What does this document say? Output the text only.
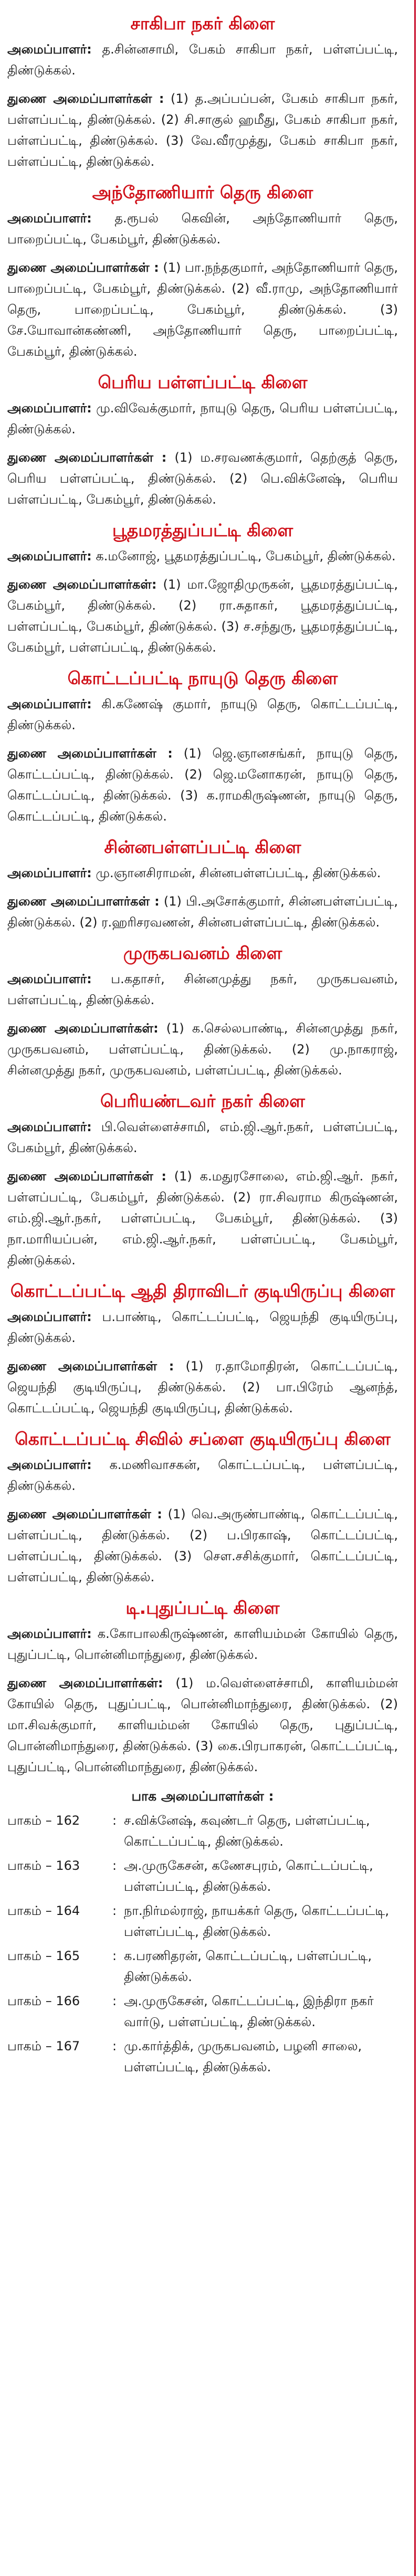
சாகிபா நகர் கிளை

அமைப்பாளர்: த.சின்னசாமி, பேகம் சாகிபா நகர், பள்ளப்பட்டி, திண்டுக்கல்.

துணை அமைப்பாளர்கள் : (1) த.அப்பப்பன், பேகம் சாகிபா நகர், பள்ளப்பட்டி, திண்டுக்கல். (2) சி.சாகுல் ஹமீது, பேகம் சாகிபா நகர், பள்ளப்பட்டி, திண்டுக்கல். (3) வே.வீரமுத்து, பேகம் சாகிபா நகர், பள்ளப்பட்டி, திண்டுக்கல்.

அந்தோணியார் தெரு கிளை

அமைப்பாளர்: த.ரூபல் கெவின், அந்தோணியார் தெரு, பாறைப்பட்டி, பேகம்பூர், திண்டுக்கல்.

துணை அமைப்பாளர்கள் : (1) பா.நந்தகுமார், அந்தோணியார் தெரு, பாறைப்பட்டி, பேகம்பூர், திண்டுக்கல். (2) வீ.ராமு, அந்தோணியார் தெரு, பாறைப்பட்டி, பேகம்பூர், திண்டுக்கல். (3) சே.யோவான்கண்ணி, அந்தோணியார் தெரு, பாறைப்பட்டி, பேகம்பூர், திண்டுக்கல்.

பெரிய பள்ளப்பட்டி கிளை

அமைப்பாளர்: மு.விவேக்குமார், நாயுடு தெரு, பெரிய பள்ளப்பட்டி, திண்டுக்கல்.

துணை அமைப்பாளர்கள் : (1) ம.சரவணக்குமார், தெற்குத் தெரு, பெரிய பள்ளப்பட்டி, திண்டுக்கல். (2) பெ.விக்னேஷ், பெரிய பள்ளப்பட்டி, பேகம்பூர், திண்டுக்கல்.

பூதமரத்துப்பட்டி கிளை

அமைப்பாளர்: க.மனோஜ், பூதமரத்துப்பட்டி, பேகம்பூர், திண்டுக்கல்.

துணை அமைப்பாளர்கள்: (1) மா.ஜோதிமுருகன், பூதமரத்துப்பட்டி, பேகம்பூர், திண்டுக்கல். (2) ரா.சுதாகர், பூதமரத்துப்பட்டி, பள்ளப்பட்டி, பேகம்பூர், திண்டுக்கல். (3) ச.சந்துரு, பூதமரத்துப்பட்டி, பேகம்பூர், பள்ளப்பட்டி, திண்டுக்கல்.

கொட்டப்பட்டி நாயுடு தெரு கிளை

அமைப்பாளர்: கி.கணேஷ் குமார், நாயுடு தெரு, கொட்டப்பட்டி, திண்டுக்கல்.

துணை அமைப்பாளர்கள் : (1) ஜெ.ஞானசங்கர், நாயுடு தெரு, கொட்டப்பட்டி, திண்டுக்கல். (2) ஜெ.மனோகரன், நாயுடு தெரு, கொட்டப்பட்டி, திண்டுக்கல். (3) க.ராமகிருஷ்ணன், நாயுடு தெரு, கொட்டப்பட்டி, திண்டுக்கல்.

சின்னபள்ளப்பட்டி கிளை

அமைப்பாளர்: மு.ஞானசிராமன், சின்னபள்ளப்பட்டி, திண்டுக்கல்.

துணை அமைப்பாளர்கள் : (1) பி.அசோக்குமார், சின்னபள்ளப்பட்டி, திண்டுக்கல். (2) ர.ஹரிசரவணன், சின்னபள்ளப்பட்டி, திண்டுக்கல்.

முருகபவனம் கிளை

அமைப்பாளர்: ப.கதாசர், சின்னமுத்து நகர், முருகபவனம், பள்ளப்பட்டி, திண்டுக்கல்.

துணை அமைப்பாளர்கள்: (1) க.செல்லபாண்டி, சின்னமுத்து நகர், முருகபவனம், பள்ளப்பட்டி, திண்டுக்கல். (2) மு.நாகராஜ், சின்னமுத்து நகர், முருகபவனம், பள்ளப்பட்டி, திண்டுக்கல்.

பெரியண்டவர் நகர் கிளை

அமைப்பாளர்: பி.வெள்ளைச்சாமி, எம்.ஜி.ஆர்.நகர், பள்ளப்பட்டி, பேகம்பூர், திண்டுக்கல்.

துணை அமைப்பாளர்கள் : (1) க.மதுரசோலை, எம்.ஜி.ஆர். நகர், பள்ளப்பட்டி, பேகம்பூர், திண்டுக்கல். (2) ரா.சிவராம கிருஷ்ணன், எம்.ஜி.ஆர்.நகர், பள்ளப்பட்டி, பேகம்பூர், திண்டுக்கல். (3) நா.மாரியப்பன், எம்.ஜி.ஆர்.நகர், பள்ளப்பட்டி, பேகம்பூர், திண்டுக்கல்.

கொட்டப்பட்டி ஆதி திராவிடர் குடியிருப்பு கிளை

அமைப்பாளர்: ப.பாண்டி, கொட்டப்பட்டி, ஜெயந்தி குடியிருப்பு, திண்டுக்கல்.

துணை அமைப்பாளர்கள் : (1) ர.தாமோதிரன், கொட்டப்பட்டி, ஜெயந்தி குடியிருப்பு, திண்டுக்கல். (2) பா.பிரேம் ஆனந்த், கொட்டப்பட்டி, ஜெயந்தி குடியிருப்பு, திண்டுக்கல்.

கொட்டப்பட்டி சிவில் சப்ளை குடியிருப்பு கிளை

அமைப்பாளர்: க.மணிவாசகன், கொட்டப்பட்டி, பள்ளப்பட்டி, திண்டுக்கல்.

துணை அமைப்பாளர்கள் : (1) வெ.அருண்பாண்டி, கொட்டப்பட்டி, பள்ளப்பட்டி, திண்டுக்கல். (2) ப.பிரகாஷ், கொட்டப்பட்டி, பள்ளப்பட்டி, திண்டுக்கல். (3) செள.சசிக்குமார், கொட்டப்பட்டி, பள்ளப்பட்டி, திண்டுக்கல்.

டி.புதுப்பட்டி கிளை

அமைப்பாளர்: க.கோபாலகிருஷ்ணன், காளியம்மன் கோயில் தெரு, புதுப்பட்டி, பொன்னிமாந்துரை, திண்டுக்கல்.

துணை அமைப்பாளர்கள்: (1) ம.வெள்ளைச்சாமி, காளியம்மன் கோயில் தெரு, புதுப்பட்டி, பொன்னிமாந்துரை, திண்டுக்கல். (2) மா.சிவக்குமார், காளியம்மன் கோயில் தெரு, புதுப்பட்டி, பொன்னிமாந்துரை, திண்டுக்கல். (3) கை.பிரபாகரன், கொட்டப்பட்டி, புதுப்பட்டி, பொன்னிமாந்துரை, திண்டுக்கல்.

பாக அமைப்பாளர்கள் :
பாகம் – 162	: ச.விக்னேஷ், கவுண்டர் தெரு, பள்ளப்பட்டி, கொட்டப்பட்டி, திண்டுக்கல்.
பாகம் – 163	: அ.முருகேசன், கணேசபுரம், கொட்டப்பட்டி, பள்ளப்பட்டி, திண்டுக்கல்.
பாகம் – 164	: நா.நிர்மல்ராஜ், நாயக்கர் தெரு, கொட்டப்பட்டி, பள்ளப்பட்டி, திண்டுக்கல்.
பாகம் – 165	: க.பரணிதரன், கொட்டப்பட்டி, பள்ளப்பட்டி, திண்டுக்கல்.
பாகம் – 166	: அ.முருகேசன், கொட்டப்பட்டி, இந்திரா நகர் வார்டு, பள்ளப்பட்டி, திண்டுக்கல்.
பாகம் – 167	: மு.கார்த்திக், முருகபவனம், பழனி சாலை, பள்ளப்பட்டி, திண்டுக்கல்.
